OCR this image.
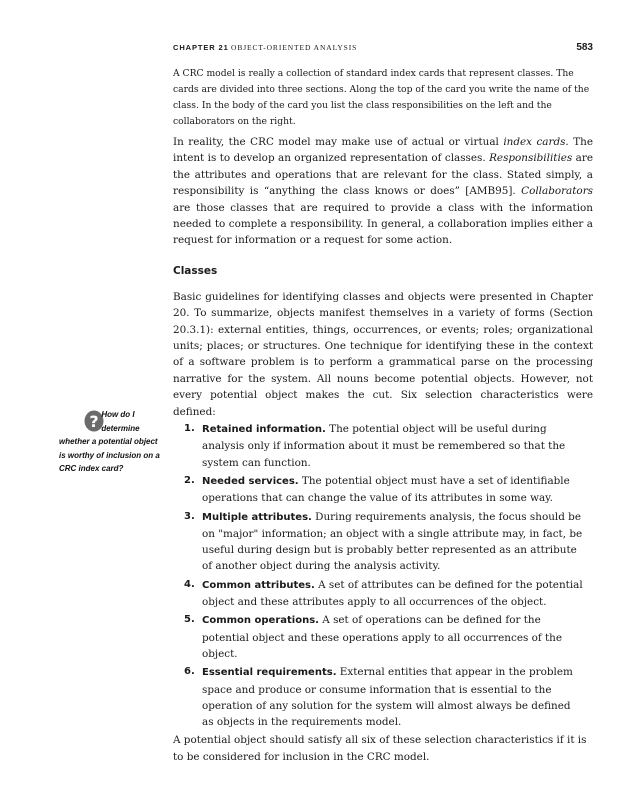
CHAPTER 21 OBJECT-ORIENTED ANALYSIS	583
? How do I
determine
whether a potential object is worthy of inclusion on a CRC index card?

A CRC model is really a collection of standard index cards that represent classes. The cards are divided into three sections. Along the top of the card you write the name of the class. In the body of the card you list the class responsibilities on the left and the collaborators on the right.

In reality, the CRC model may make use of actual or virtual index cards. The intent is to develop an organized representation of classes. Responsibilities are the attributes and operations that are relevant for the class. Stated simply, a responsibility is “anything the class knows or does” [AMB95]. Collaborators are those classes that are required to provide a class with the information needed to complete a responsibility. In general, a collaboration implies either a request for information or a request for some action.

Classes

Basic guidelines for identifying classes and objects were presented in Chapter 20. To summarize, objects manifest themselves in a variety of forms (Section 20.3.1): external entities, things, occurrences, or events; roles; organizational units; places; or structures. One technique for identifying these in the context of a software problem is to perform a grammatical parse on the processing narrative for the system. All nouns become potential objects. However, not every potential object makes the cut. Six selection characteristics were defined:

1. Retained information. The potential object will be useful during analysis only if information about it must be remembered so that the system can function.
2. Needed services. The potential object must have a set of identifiable operations that can change the value of its attributes in some way.
3. Multiple attributes. During requirements analysis, the focus should be on "major" information; an object with a single attribute may, in fact, be useful during design but is probably better represented as an attribute of another object during the analysis activity.
4. Common attributes. A set of attributes can be defined for the potential object and these attributes apply to all occurrences of the object.
5. Common operations. A set of operations can be defined for the potential object and these operations apply to all occurrences of the object.
6. Essential requirements. External entities that appear in the problem space and produce or consume information that is essential to the operation of any solution for the system will almost always be defined as objects in the requirements model.

A potential object should satisfy all six of these selection characteristics if it is to be considered for inclusion in the CRC model.
